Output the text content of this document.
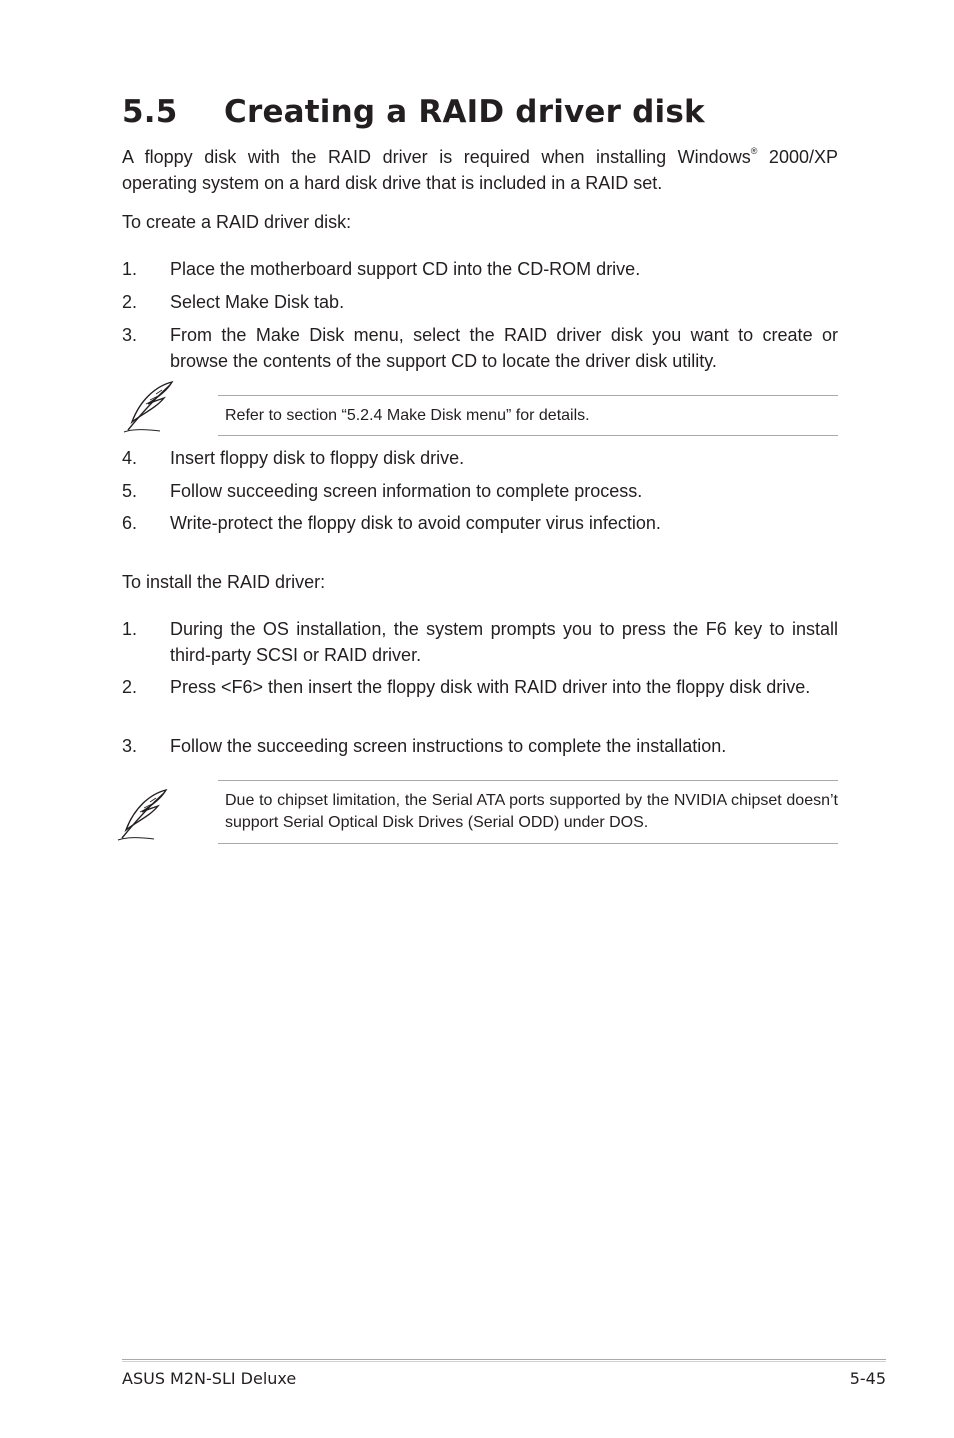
5.5	Creating a RAID driver disk

A floppy disk with the RAID driver is required when installing Windows® 2000/XP operating system on a hard disk drive that is included in a RAID set.

To create a RAID driver disk:

1.	Place the motherboard support CD into the CD-ROM drive.
2.	Select Make Disk tab.
3.	From the Make Disk menu, select the RAID driver disk you want to create or browse the contents of the support CD to locate the driver disk utility.
Refer to section “5.2.4 Make Disk menu” for details.
4.	Insert floppy disk to floppy disk drive.
5.	Follow succeeding screen information to complete process.
6.	Write-protect the floppy disk to avoid computer virus infection.

To install the RAID driver:

1.	During the OS installation, the system prompts you to press the F6 key to install third-party SCSI or RAID driver.
2.	Press <F6> then insert the floppy disk with RAID driver into the floppy disk drive.
3.	Follow the succeeding screen instructions to complete the installation.
Due to chipset limitation, the Serial ATA ports supported by the NVIDIA chipset doesn’t support Serial Optical Disk Drives (Serial ODD) under DOS.
ASUS M2N-SLI Deluxe	5-45
